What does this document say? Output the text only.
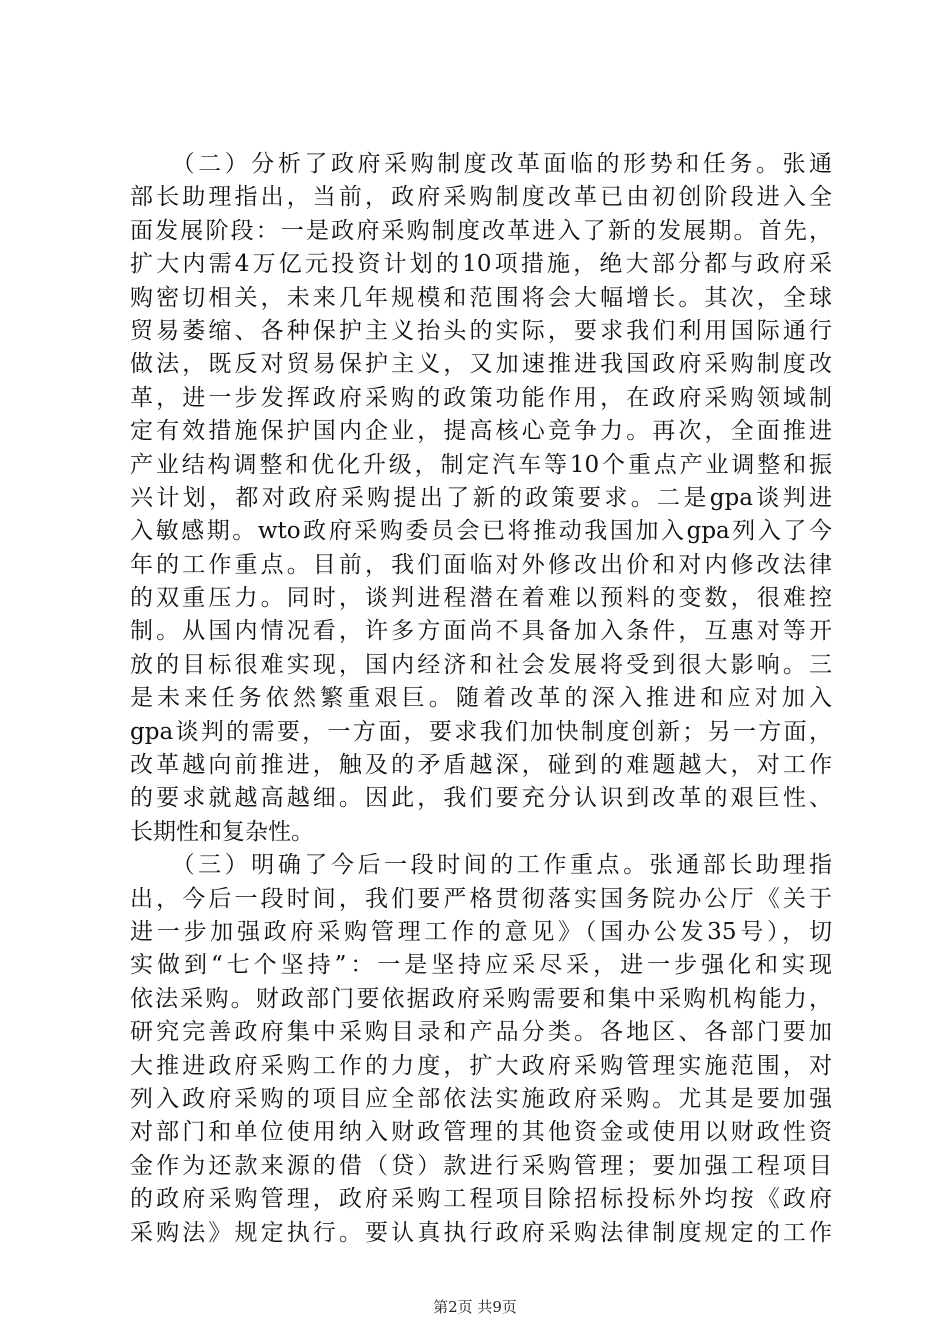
　　（二）分析了政府采购制度改革面临的形势和任务。张通
部长助理指出，当前，政府采购制度改革已由初创阶段进入全
面发展阶段：一是政府采购制度改革进入了新的发展期。首先，
扩大内需4万亿元投资计划的10项措施，绝大部分都与政府采
购密切相关，未来几年规模和范围将会大幅增长。其次，全球
贸易萎缩、各种保护主义抬头的实际，要求我们利用国际通行
做法，既反对贸易保护主义，又加速推进我国政府采购制度改
革，进一步发挥政府采购的政策功能作用，在政府采购领域制
定有效措施保护国内企业，提高核心竞争力。再次，全面推进
产业结构调整和优化升级，制定汽车等10个重点产业调整和振
兴计划，都对政府采购提出了新的政策要求。二是gpa谈判进
入敏感期。wto政府采购委员会已将推动我国加入gpa列入了今
年的工作重点。目前，我们面临对外修改出价和对内修改法律
的双重压力。同时，谈判进程潜在着难以预料的变数，很难控
制。从国内情况看，许多方面尚不具备加入条件，互惠对等开
放的目标很难实现，国内经济和社会发展将受到很大影响。三
是未来任务依然繁重艰巨。随着改革的深入推进和应对加入
gpa谈判的需要，一方面，要求我们加快制度创新；另一方面，
改革越向前推进，触及的矛盾越深，碰到的难题越大，对工作
的要求就越高越细。因此，我们要充分认识到改革的艰巨性、
长期性和复杂性。
　　（三）明确了今后一段时间的工作重点。张通部长助理指
出，今后一段时间，我们要严格贯彻落实国务院办公厅《关于
进一步加强政府采购管理工作的意见》（国办公发35号），切
实做到“七个坚持”：一是坚持应采尽采，进一步强化和实现
依法采购。财政部门要依据政府采购需要和集中采购机构能力，
研究完善政府集中采购目录和产品分类。各地区、各部门要加
大推进政府采购工作的力度，扩大政府采购管理实施范围，对
列入政府采购的项目应全部依法实施政府采购。尤其是要加强
对部门和单位使用纳入财政管理的其他资金或使用以财政性资
金作为还款来源的借（贷）款进行采购管理；要加强工程项目
的政府采购管理，政府采购工程项目除招标投标外均按《政府
采购法》规定执行。要认真执行政府采购法律制度规定的工作
第2页 共9页
